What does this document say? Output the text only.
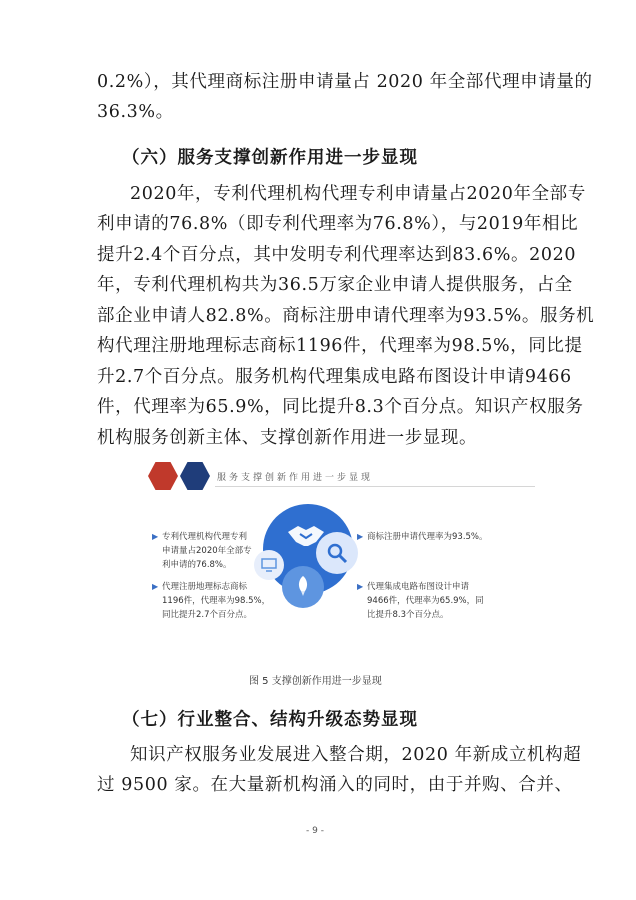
0.2%），其代理商标注册申请量占 2020 年全部代理申请量的
36.3%。
（六）服务支撑创新作用进一步显现
2020年，专利代理机构代理专利申请量占2020年全部专
利申请的76.8%（即专利代理率为76.8%），与2019年相比
提升2.4个百分点，其中发明专利代理率达到83.6%。2020
年，专利代理机构共为36.5万家企业申请人提供服务，占全
部企业申请人82.8%。商标注册申请代理率为93.5%。服务机
构代理注册地理标志商标1196件，代理率为98.5%，同比提
升2.7个百分点。服务机构代理集成电路布图设计申请9466
件，代理率为65.9%，同比提升8.3个百分点。知识产权服务
机构服务创新主体、支撑创新作用进一步显现。
服务支撑创新作用进一步显现
▶ 专利代理机构代理专利
申请量占2020年全部专
利申请的76.8%。
▶ 商标注册申请代理率为93.5%。
▶ 代理注册地理标志商标
1196件，代理率为98.5%，
同比提升2.7个百分点。
▶ 代理集成电路布图设计申请
9466件，代理率为65.9%，同
比提升8.3个百分点。
图 5 支撑创新作用进一步显现
（七）行业整合、结构升级态势显现
知识产权服务业发展进入整合期，2020 年新成立机构超
过 9500 家。在大量新机构涌入的同时，由于并购、合并、
- 9 -
